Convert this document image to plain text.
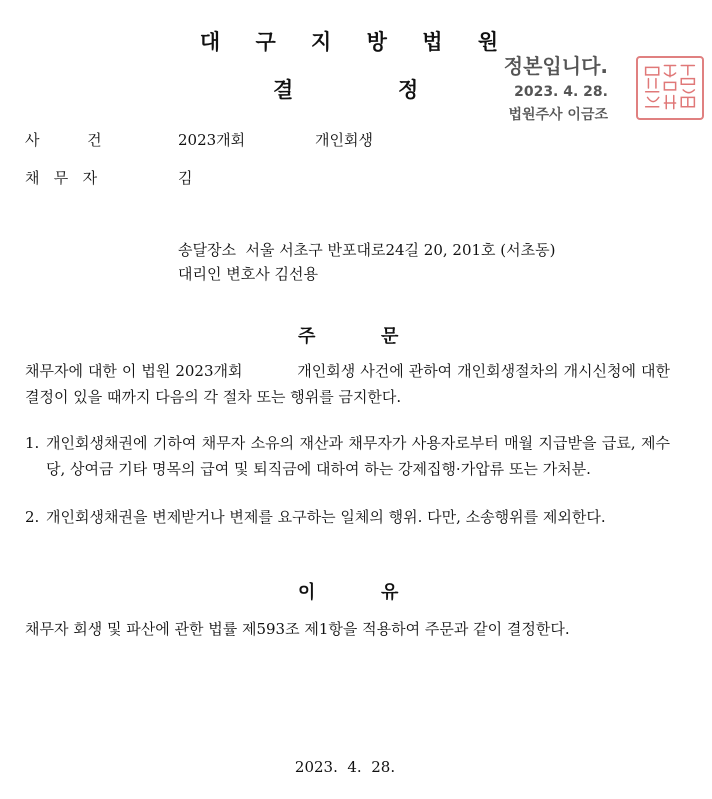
대 구 지 방 법 원
결	정
정본입니다.
2023. 4. 28.
법원주사 이금조
사          건	2023개회	개인회생
채   무   자	김
송달장소  서울 서초구 반포대로24길 20, 201호 (서초동)
대리인 변호사 김선용
주	문
채무자에 대한 이 법원 2023개회           개인회생 사건에 관하여 개인회생절차의 개시신청에 대한 결정이 있을 때까지 다음의 각 절차 또는 행위를 금지한다.
1. 개인회생채권에 기하여 채무자 소유의 재산과 채무자가 사용자로부터 매월 지급받을 급료, 제수당, 상여금 기타 명목의 급여 및 퇴직금에 대하여 하는 강제집행·가압류 또는 가처분.
2. 개인회생채권을 변제받거나 변제를 요구하는 일체의 행위. 다만, 소송행위를 제외한다.
이	유
채무자 회생 및 파산에 관한 법률 제593조 제1항을 적용하여 주문과 같이 결정한다.
2023.  4.  28.
